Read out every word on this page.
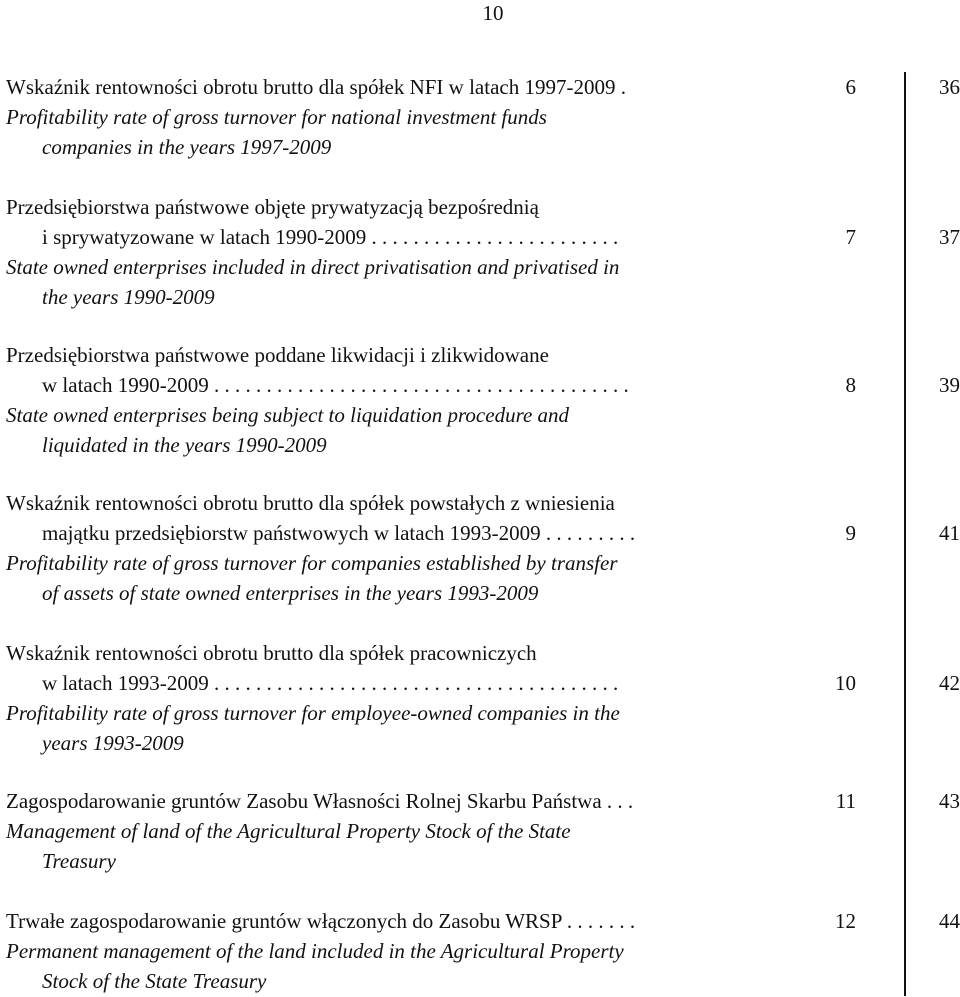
10
Wskaźnik rentowności obrotu brutto dla spółek NFI w latach 1997-2009 .
Profitability rate of gross turnover for national investment funds
companies in the years 1997-2009
6	36
Przedsiębiorstwa państwowe objęte prywatyzacją bezpośrednią
i sprywatyzowane w latach 1990-2009 . . . . . . . . . . . . . . . . . . . . . . . .
State owned enterprises included in direct privatisation and privatised in
the years 1990-2009
7	37
Przedsiębiorstwa państwowe poddane likwidacji i zlikwidowane
w latach 1990-2009 . . . . . . . . . . . . . . . . . . . . . . . . . . . . . . . . . . . . . . . .
State owned enterprises being subject to liquidation procedure and
liquidated in the years 1990-2009
8	39
Wskaźnik rentowności obrotu brutto dla spółek powstałych z wniesienia
majątku przedsiębiorstw państwowych w latach 1993-2009 . . . . . . . . .
Profitability rate of gross turnover for companies established by transfer
of assets of state owned enterprises in the years 1993-2009
9	41
Wskaźnik rentowności obrotu brutto dla spółek pracowniczych
w latach 1993-2009 . . . . . . . . . . . . . . . . . . . . . . . . . . . . . . . . . . . . . . .
Profitability rate of gross turnover for employee-owned companies in the
years 1993-2009
10	42
Zagospodarowanie gruntów Zasobu Własności Rolnej Skarbu Państwa . . .
Management of land of the Agricultural Property Stock of the State
Treasury
11	43
Trwałe zagospodarowanie gruntów włączonych do Zasobu WRSP . . . . . . .
Permanent management of the land included in the Agricultural Property
Stock of the State Treasury
12	44
